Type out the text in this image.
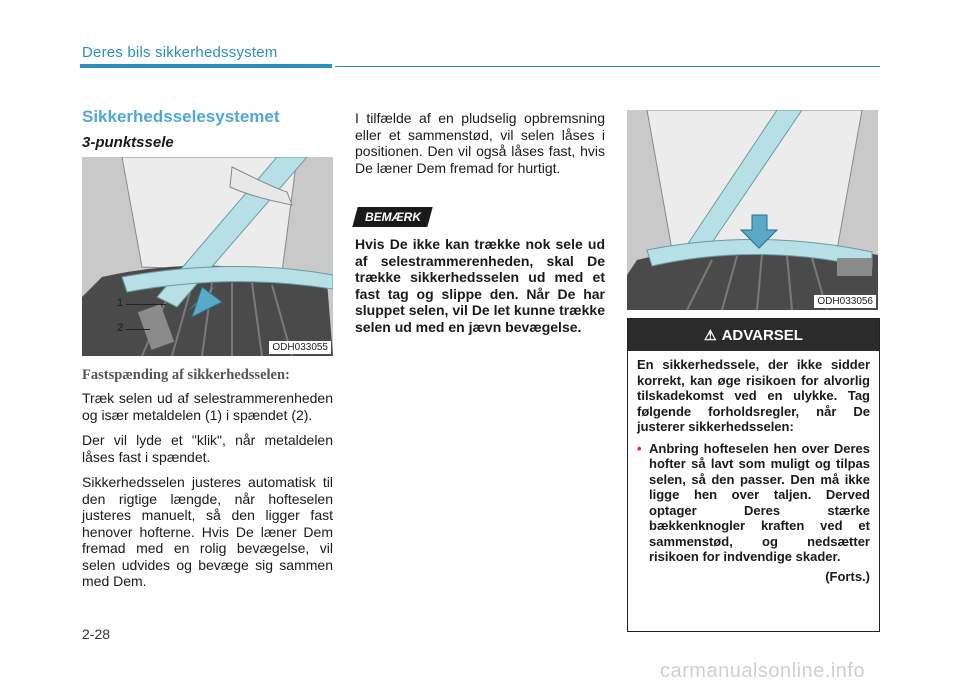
Deres bils sikkerhedssystem
Sikkerhedsselesystemet
3-punktssele
1
2
ODH033055
Fastspænding af sikkerhedsselen:

Træk selen ud af selestrammerenheden og især metaldelen (1) i spændet (2).

Der vil lyde et "klik", når metaldelen låses fast i spændet.

Sikkerhedsselen justeres automatisk til den rigtige længde, når hofteselen justeres manuelt, så den ligger fast henover hofterne. Hvis De læner Dem fremad med en rolig bevægelse, vil selen udvides og bevæge sig sammen med Dem.

I tilfælde af en pludselig opbremsning eller et sammenstød, vil selen låses i positionen. Den vil også låses fast, hvis De læner Dem fremad for hurtigt.

BEMÆRK
Hvis De ikke kan trække nok sele ud af selestrammerenheden, skal De trække sikkerhedsselen ud med et fast tag og slippe den. Når De har sluppet selen, vil De let kunne trække selen ud med en jævn bevægelse.
ODH033056
⚠ ADVARSEL

En sikkerhedssele, der ikke sidder korrekt, kan øge risikoen for alvorlig tilskadekomst ved en ulykke. Tag følgende forholdsregler, når De justerer sikkerhedsselen:

• Anbring hofteselen hen over Deres hofter så lavt som muligt og tilpas selen, så den passer. Den må ikke ligge hen over taljen. Derved optager Deres stærke bækkenknogler kraften ved et sammenstød, og nedsætter risikoen for indvendige skader.
(Forts.)
2-28
carmanualsonline.info
